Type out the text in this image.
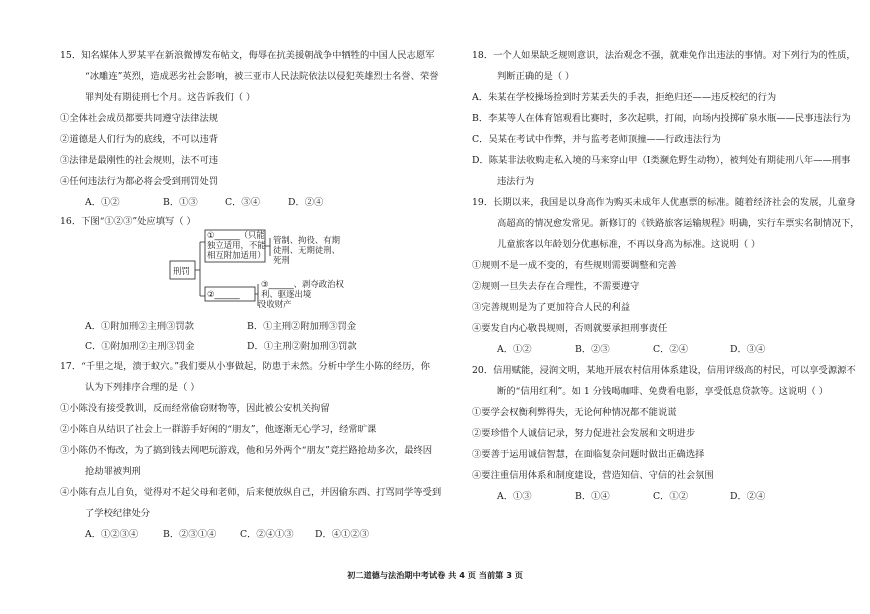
15．知名媒体人罗某平在新浪微博发布帖文，侮辱在抗美援朝战争中牺牲的中国人民志愿军
“冰雕连”英烈，造成恶劣社会影响，被三亚市人民法院依法以侵犯英雄烈士名誉、荣誉
罪判处有期徒刑七个月。这告诉我们（ ）
①全体社会成员都要共同遵守法律法规
②道德是人们行为的底线，不可以违背
③法律是最刚性的社会规则，法不可违
④任何违法行为都必将会受到刑罚处罚
A．①②	B．①③	C．③④	D．②④
16．下图“①②③”处应填写（ ）
刑罚
①______（只能
独立适用，不能
相互附加适用）
管制、拘役、有期
徒刑、无期徒刑、
死刑
②______
③______、剥夺政治权
利、驱逐出境
没收财产
A．①附加刑②主刑③罚款	B．①主刑②附加刑③罚金
C．①附加刑②主刑③罚金	D．①主刑②附加刑③罚款
17．“千里之堤，溃于蚁穴。”我们要从小事做起，防患于未然。分析中学生小陈的经历，你
认为下列排序合理的是（ ）
①小陈没有接受教训，反而经常偷窃财物等，因此被公安机关拘留
②小陈自从结识了社会上一群游手好闲的“朋友”，他逐渐无心学习，经常旷课
③小陈仍不悔改，为了搞到钱去网吧玩游戏，他和另外两个“朋友”竟拦路抢劫多次，最终因
抢劫罪被判刑
④小陈有点儿自负，觉得对不起父母和老师，后来便放纵自己，并因偷东西、打骂同学等受到
了学校纪律处分
A．①②③④	B．②③①④	C．②④①③ D．④①②③
18．一个人如果缺乏规则意识，法治观念不强，就难免作出违法的事情。对下列行为的性质，
判断正确的是（ ）
A．朱某在学校操场捡到时芳某丢失的手表，拒绝归还——违反校纪的行为
B．李某等人在体育馆观看比赛时，多次起哄，打闹，向场内投掷矿泉水瓶——民事违法行为
C．吴某在考试中作弊，并与监考老师顶撞——行政违法行为
D．陈某非法收购走私入境的马来穿山甲（I类濒危野生动物），被判处有期徒刑八年——刑事
违法行为
19．长期以来，我国是以身高作为购买未成年人优惠票的标准。随着经济社会的发展，儿童身
高超高的情况愈发常见。新修订的《铁路旅客运输规程》明确，实行车票实名制情况下，
儿童旅客以年龄划分优惠标准，不再以身高为标准。这说明（ ）
①规则不是一成不变的，有些规则需要调整和完善
②规则一旦失去存在合理性，不需要遵守
③完善规则是为了更加符合人民的利益
④要发自内心敬畏规则，否则就要承担刑事责任
A．①②	B．②③	C．②④	D．③④
20．信用赋能，浸润文明，某地开展农村信用体系建设，信用评级高的村民，可以享受源源不
断的“信用红利”。如 1 分钱喝咖啡、免费看电影，享受低息贷款等。这说明（ ）
①要学会权衡利弊得失，无论何种情况都不能说谎
②要珍惜个人诚信记录，努力促进社会发展和文明进步
③要善于运用诚信智慧，在面临复杂问题时做出正确选择
④要注重信用体系和制度建设，营造知信、守信的社会氛围
A．①③	B．①④	C．①②	D．②④
初二道德与法治期中考试卷 共 4 页 当前第 3 页
